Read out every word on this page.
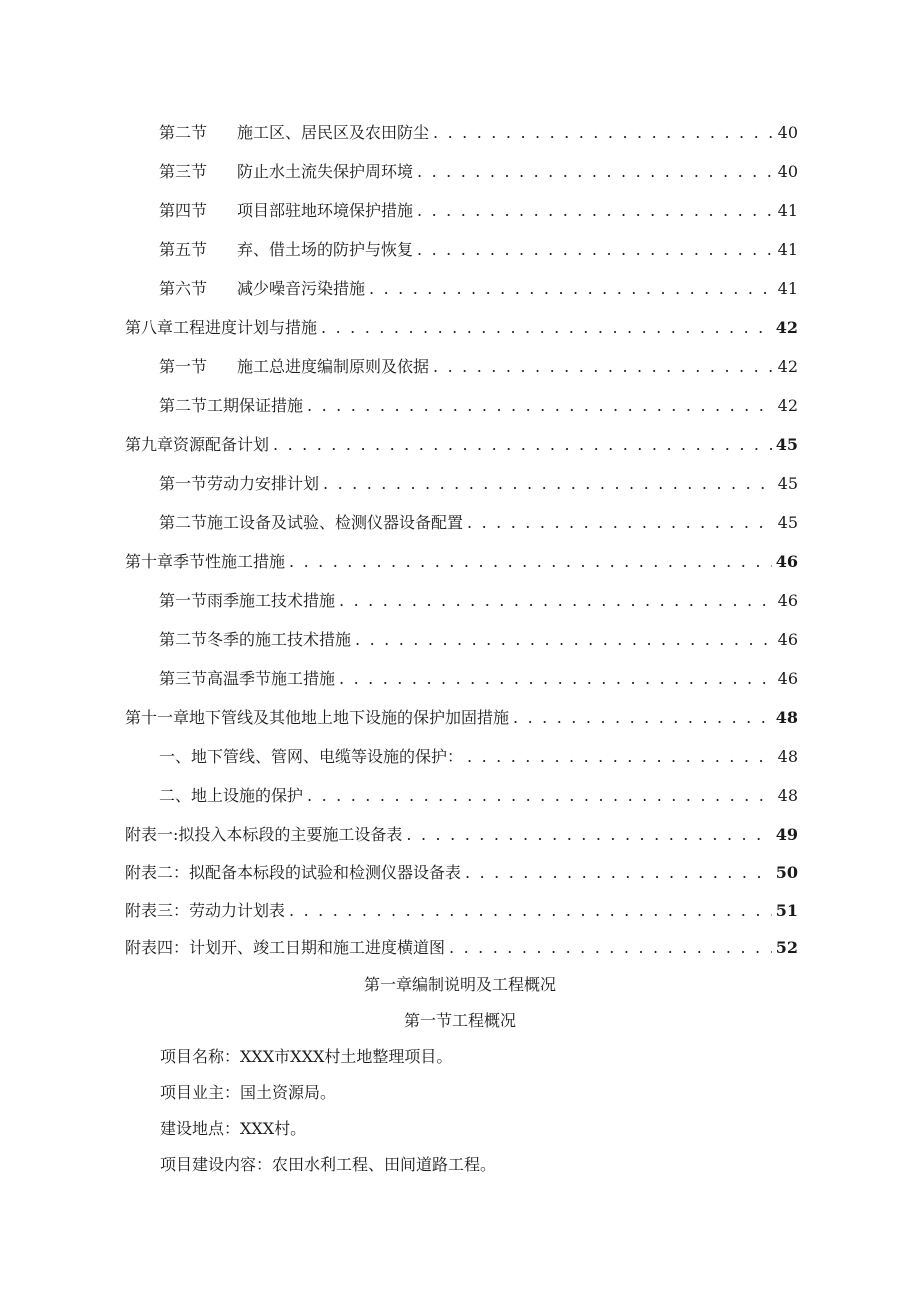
第二节	施工区、居民区及农田防尘 . . .	40
第三节	防止水土流失保护周环境 . . .	40
第四节	项目部驻地环境保护措施 . . .	41
第五节	弃、借土场的防护与恢复 . . .	41
第六节	减少噪音污染措施 . . .	41
第八章工程进度计划与措施 . . .	42
第一节	施工总进度编制原则及依据 . . .	42
第二节工期保证措施 . . .	42
第九章资源配备计划 . . .	45
第一节劳动力安排计划 . . .	45
第二节施工设备及试验、检测仪器设备配置 . . .	45
第十章季节性施工措施 . . .	46
第一节雨季施工技术措施 . . .	46
第二节冬季的施工技术措施 . . .	46
第三节高温季节施工措施 . . .	46
第十一章地下管线及其他地上地下设施的保护加固措施 . . .	48
一、地下管线、管网、电缆等设施的保护： . . .	48
二、地上设施的保护 . . .	48
附表一:拟投入本标段的主要施工设备表 . . .	49
附表二：拟配备本标段的试验和检测仪器设备表 . . .	50
附表三：劳动力计划表 . . .	51
附表四：计划开、竣工日期和施工进度横道图 . . .	52
第一章编制说明及工程概况
第一节工程概况
项目名称：XXX市XXX村土地整理项目。
项目业主：国土资源局。
建设地点：XXX村。
项目建设内容：农田水利工程、田间道路工程。
